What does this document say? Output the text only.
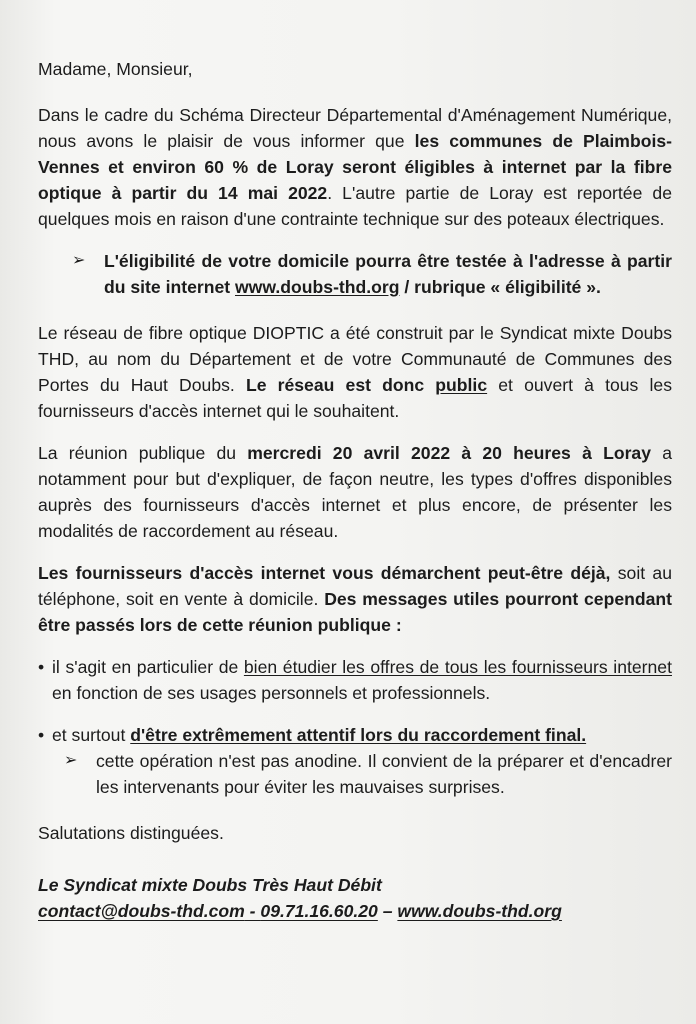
Madame, Monsieur,

Dans le cadre du Schéma Directeur Départemental d'Aménagement Numérique, nous avons le plaisir de vous informer que les communes de Plaimbois-Vennes et environ 60 % de Loray seront éligibles à internet par la fibre optique à partir du 14 mai 2022. L'autre partie de Loray est reportée de quelques mois en raison d'une contrainte technique sur des poteaux électriques.

➢	L'éligibilité de votre domicile pourra être testée à l'adresse à partir du site internet www.doubs-thd.org / rubrique « éligibilité ».

Le réseau de fibre optique DIOPTIC a été construit par le Syndicat mixte Doubs THD, au nom du Département et de votre Communauté de Communes des Portes du Haut Doubs. Le réseau est donc public et ouvert à tous les fournisseurs d'accès internet qui le souhaitent.

La réunion publique du mercredi 20 avril 2022 à 20 heures à Loray a notamment pour but d'expliquer, de façon neutre, les types d'offres disponibles auprès des fournisseurs d'accès internet et plus encore, de présenter les modalités de raccordement au réseau.

Les fournisseurs d'accès internet vous démarchent peut-être déjà, soit au téléphone, soit en vente à domicile. Des messages utiles pourront cependant être passés lors de cette réunion publique :

• il s'agit en particulier de bien étudier les offres de tous les fournisseurs internet en fonction de ses usages personnels et professionnels.
• et surtout d'être extrêmement attentif lors du raccordement final.
➢	cette opération n'est pas anodine. Il convient de la préparer et d'encadrer les intervenants pour éviter les mauvaises surprises.

Salutations distinguées.

Le Syndicat mixte Doubs Très Haut Débit

contact@doubs-thd.com - 09.71.16.60.20 – www.doubs-thd.org
